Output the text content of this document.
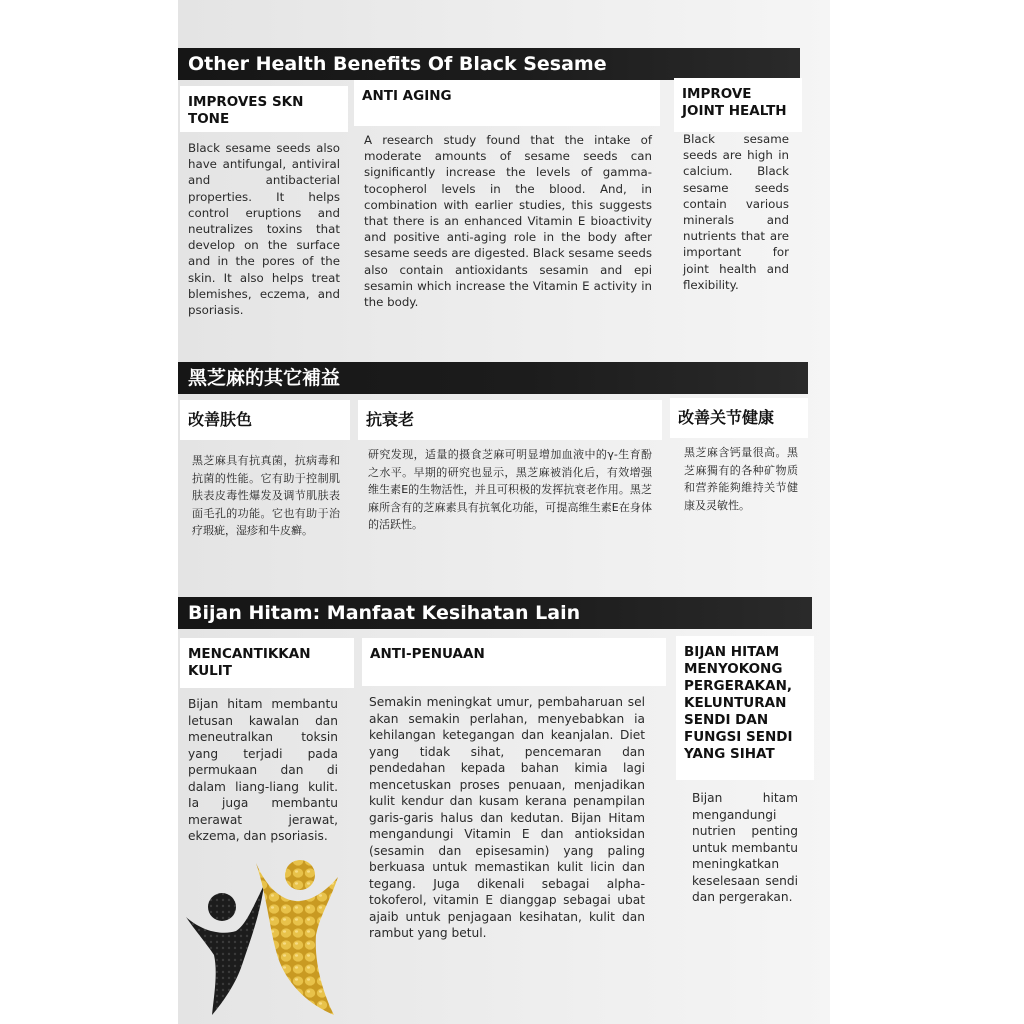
Other Health Benefits Of Black Sesame
IMPROVES SKN TONE
ANTI AGING	IMPROVE JOINT HEALTH

Black sesame seeds also have antifungal, antiviral and antibacterial properties. It helps control eruptions and neutralizes toxins that develop on the surface and in the pores of the skin. It also helps treat blemishes, eczema, and psoriasis.

A research study found that the intake of moderate amounts of sesame seeds can significantly increase the levels of gamma-tocopherol levels in the blood. And, in combination with earlier studies, this suggests that there is an enhanced Vitamin E bioactivity and positive anti-aging role in the body after sesame seeds are digested. Black sesame seeds also contain antioxidants sesamin and epi sesamin which increase the Vitamin E activity in the body.

Black sesame seeds are high in calcium. Black sesame seeds contain various minerals and nutrients that are important for joint health and flexibility.

黑芝麻的其它補益
改善肤色	抗衰老	改善关节健康

黑芝麻具有抗真菌，抗病毒和抗菌的性能。它有助于控制肌肤表皮毒性爆发及调节肌肤表面毛孔的功能。它也有助于治疗瑕疵，湿疹和牛皮癣。

研究发现，适量的摄食芝麻可明显增加血液中的γ-生育酚之水平。早期的研究也显示，黑芝麻被消化后，有效增强维生素E的生物活性，并且可积极的发挥抗衰老作用。黑芝麻所含有的芝麻素具有抗氧化功能，可提高维生素E在身体的活跃性。

黑芝麻含钙量很高。黑芝麻獨有的各种矿物质和营养能夠維持关节健康及灵敏性。

Bijan Hitam: Manfaat Kesihatan Lain
MENCANTIKKAN KULIT
ANTI-PENUAAN	BIJAN HITAM MENYOKONG PERGERAKAN, KELUNTURAN SENDI DAN FUNGSI SENDI YANG SIHAT

Bijan hitam membantu letusan kawalan dan meneutralkan toksin yang terjadi pada permukaan dan di dalam liang-liang kulit. Ia juga membantu merawat jerawat, ekzema, dan psoriasis.

Semakin meningkat umur, pembaharuan sel akan semakin perlahan, menyebabkan ia kehilangan ketegangan dan keanjalan. Diet yang tidak sihat, pencemaran dan pendedahan kepada bahan kimia lagi mencetuskan proses penuaan, menjadikan kulit kendur dan kusam kerana penampilan garis-garis halus dan kedutan. Bijan Hitam mengandungi Vitamin E dan antioksidan (sesamin dan episesamin) yang paling berkuasa untuk memastikan kulit licin dan tegang. Juga dikenali sebagai alpha-tokoferol, vitamin E dianggap sebagai ubat ajaib untuk penjagaan kesihatan, kulit dan rambut yang betul.

Bijan hitam mengandungi nutrien penting untuk membantu meningkatkan keselesaan sendi dan pergerakan.
